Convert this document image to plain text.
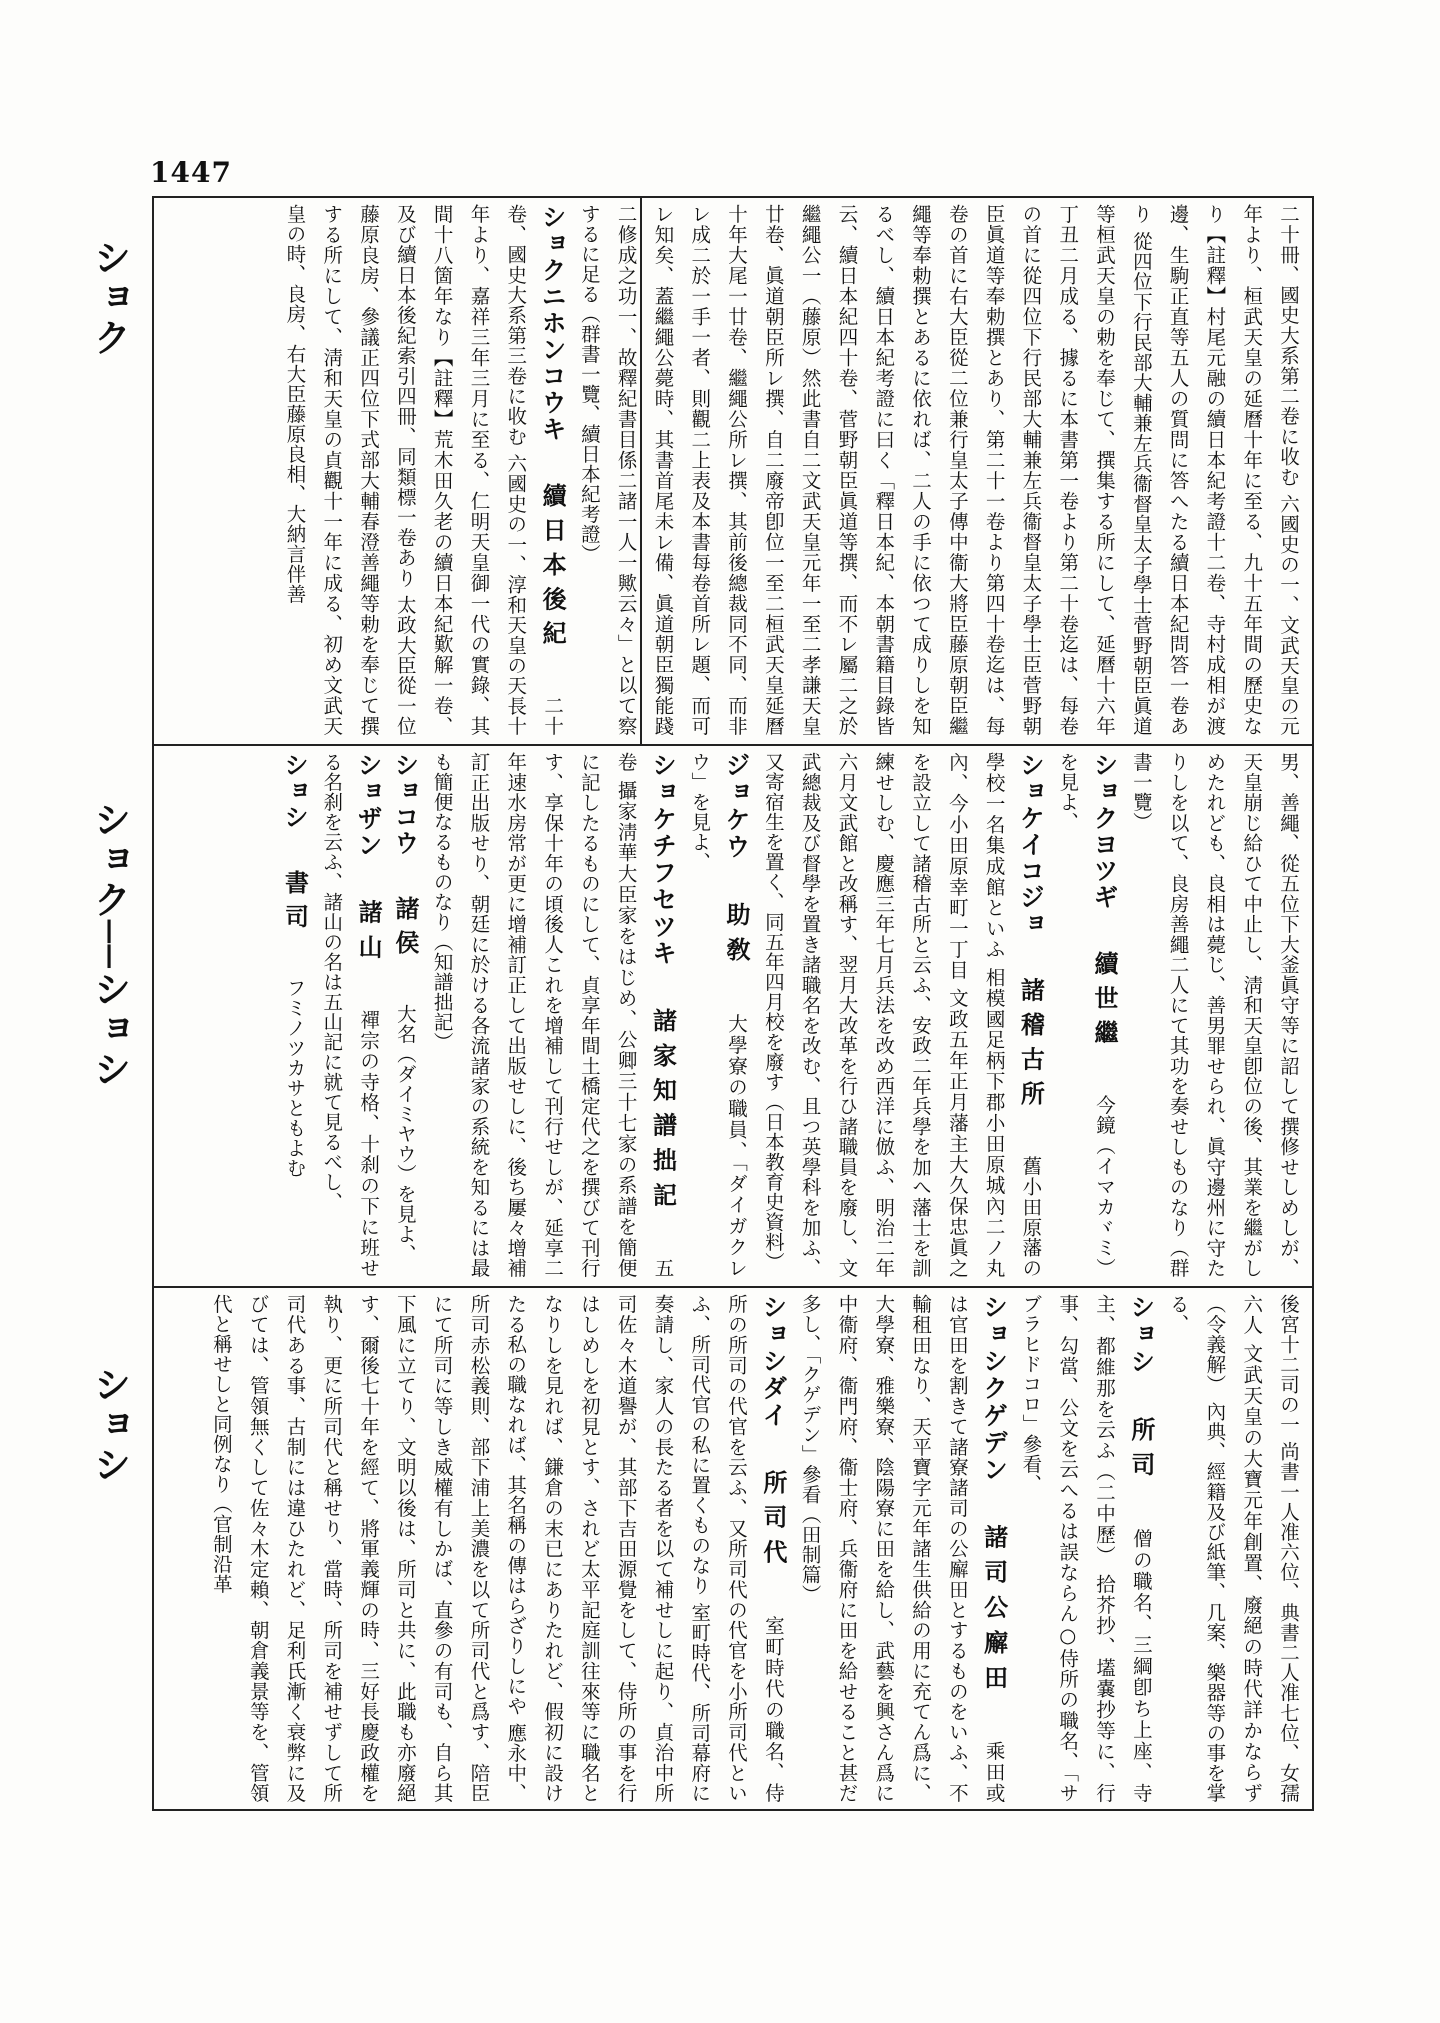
1447
ショク
ショク──ショシ
ショシ

二十冊、國史大系第二卷に收む 六國史の一、文武天皇の元年より、桓武天皇の延曆十年に至る、九十五年間の歷史なり【註釋】村尾元融の續日本紀考證十二卷、寺村成相が渡邊、生駒正直等五人の質問に答へたる續日本紀問答一卷あり 從四位下行民部大輔兼左兵衞督皇太子學士菅野朝臣眞道等桓武天皇の勅を奉じて、撰集する所にして、延曆十六年丁丑二月成る、據るに本書第一卷より第二十卷迄は、每卷の首に從四位下行民部大輔兼左兵衞督皇太子學士臣菅野朝臣眞道等奉勅撰とあり、第二十一卷より第四十卷迄は、每卷の首に右大臣從二位兼行皇太子傳中衞大將臣藤原朝臣繼繩等奉勅撰とあるに依れば、二人の手に依つて成りしを知るべし、續日本紀考證に曰く「釋日本紀、本朝書籍目錄皆云、續日本紀四十卷、菅野朝臣眞道等撰、而不レ屬二之於繼繩公一（藤原）然此書自二文武天皇元年一至二孝謙天皇廿卷、眞道朝臣所レ撰、自二廢帝卽位一至二桓武天皇延曆十年大尾一廿卷、繼繩公所レ撰、其前後總裁同不同、而非レ成二於一手一者、則觀二上表及本書每卷首所レ題、而可レ知矣、蓋繼繩公薨時、其書首尾未レ備、眞道朝臣獨能踐二修成之功一、故釋紀書目係二諸一人一歟云々」と以て察するに足る（群書一覽、續日本紀考證）

ショクニホンコウキ續日本後紀二十卷、國史大系第三卷に收む 六國史の一、淳和天皇の天長十年より、嘉祥三年三月に至る、仁明天皇御一代の實錄、其間十八箇年なり【註釋】荒木田久老の續日本紀歎解一卷、及び續日本後紀索引四冊、同類標一卷あり 太政大臣從一位藤原良房、參議正四位下式部大輔春澄善繩等勅を奉じて撰する所にして、淸和天皇の貞觀十一年に成る、初め文武天皇の時、良房、右大臣藤原良相、大納言伴善

男、善繩、從五位下大釜眞守等に詔して撰修せしめしが、天皇崩じ給ひて中止し、淸和天皇卽位の後、其業を繼がしめたれども、良相は薨じ、善男罪せられ、眞守邊州に守たりしを以て、良房善繩二人にて其功を奏せしものなり（群書一覽）

ショクヨツギ續世繼今鏡（イマカヾミ）を見よ、

ショケイコジョ諸稽古所舊小田原藩の學校一名集成館といふ 相模國足柄下郡小田原城內二ノ丸內、今小田原幸町一丁目 文政五年正月藩主大久保忠眞之を設立して諸稽古所と云ふ、安政二年兵學を加へ藩士を訓練せしむ、慶應三年七月兵法を改め西洋に倣ふ、明治二年六月文武館と改稱す、翌月大改革を行ひ諸職員を廢し、文武總裁及び督學を置き諸職名を改む、且つ英學科を加ふ、又寄宿生を置く、同五年四月校を廢す（日本教育史資料）

ジョケウ助敎大學寮の職員、「ダイガクレウ」を見よ、

ショケチフセツキ諸家知譜拙記五卷 攝家淸華大臣家をはじめ、公卿三十七家の系譜を簡便に記したるものにして、貞享年間土橋定代之を撰びて刊行す、享保十年の頃後人これを增補して刊行せしが、延享二年速水房常が更に增補訂正して出版せしに、後ち屢々增補訂正出版せり、朝廷に於ける各流諸家の系統を知るには最も簡便なるものなり（知譜拙記）

ショコウ諸侯大名（ダイミヤウ）を見よ、

ショザン諸山禪宗の寺格、十刹の下に班せる名刹を云ふ、諸山の名は五山記に就て見るべし、

ショシ書司フミノツカサともよむ

後宮十二司の一 尚書一人准六位、典書二人准七位、女孺六人 文武天皇の大寶元年創置、廢絕の時代詳かならず（令義解） 內典、經籍及び紙筆、几案、樂器等の事を掌る、

ショシ所司僧の職名、三綱卽ち上座、寺主、都維那を云ふ（二中歷） 拾芥抄、壒嚢抄等に、行事、勾當、公文を云へるは誤ならん○侍所の職名、「サブラヒドコロ」參看、

ショシクゲデン諸司公廨田乘田或は官田を割きて諸寮諸司の公廨田とするものをいふ、不輸租田なり、天平寶字元年諸生供給の用に充てん爲に、大學寮、雅樂寮、陰陽寮に田を給し、武藝を興さん爲に中衞府、衞門府、衞士府、兵衞府に田を給せること甚だ多し、「クゲデン」參看（田制篇）

ショシダイ所司代室町時代の職名、侍所の所司の代官を云ふ、又所司代の代官を小所司代といふ、所司代官の私に置くものなり 室町時代、所司幕府に奏請し、家人の長たる者を以て補せしに起り、貞治中所司佐々木道譽が、其部下吉田源覺をして、侍所の事を行はしめしを初見とす、されど太平記庭訓往來等に職名となりしを見れば、鎌倉の末已にありたれど、假初に設けたる私の職なれば、其名稱の傳はらざりしにや 應永中、所司赤松義則、部下浦上美濃を以て所司代と爲す、陪臣にて所司に等しき威權有しかば、直參の有司も、自ら其下風に立てり、文明以後は、所司と共に、此職も亦廢絕す、爾後七十年を經て、將軍義輝の時、三好長慶政權を執り、更に所司代と稱せり、當時、所司を補せずして所司代ある事、古制には違ひたれど、足利氏漸く衰弊に及びては、管領無くして佐々木定賴、朝倉義景等を、管領代と稱せしと同例なり（官制沿革
